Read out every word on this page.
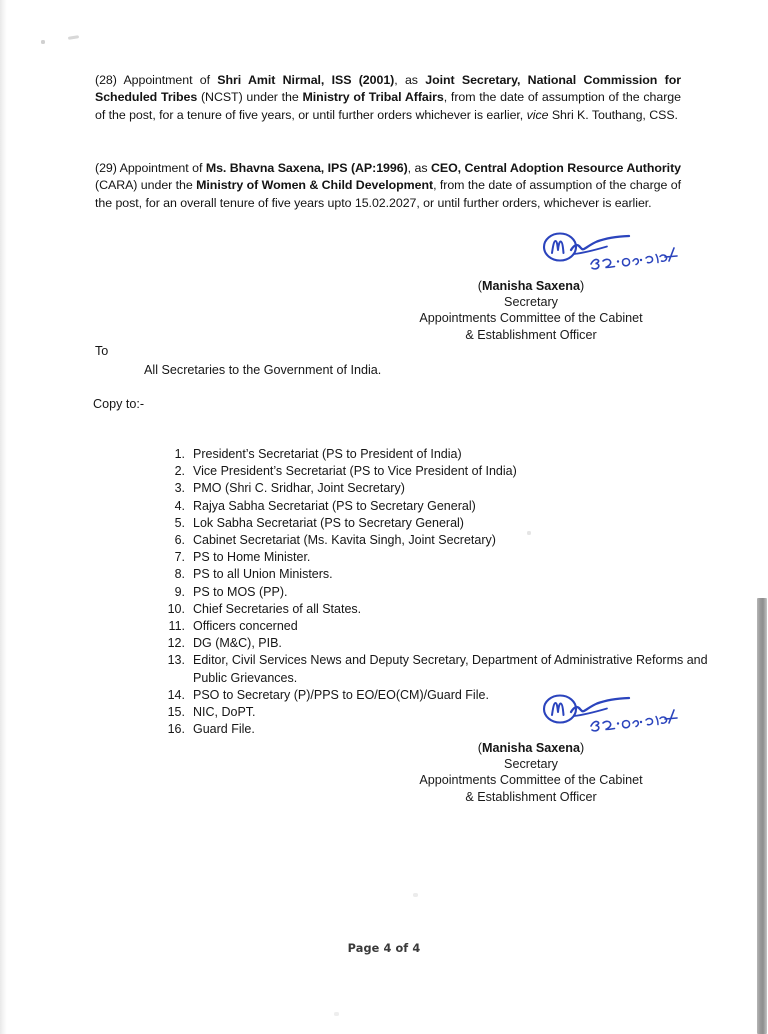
(28) Appointment of Shri Amit Nirmal, ISS (2001), as Joint Secretary, National Commission for Scheduled Tribes (NCST) under the Ministry of Tribal Affairs, from the date of assumption of the charge of the post, for a tenure of five years, or until further orders whichever is earlier, vice Shri K. Touthang, CSS.

(29) Appointment of Ms. Bhavna Saxena, IPS (AP:1996), as CEO, Central Adoption Resource Authority (CARA) under the Ministry of Women & Child Development, from the date of assumption of the charge of the post, for an overall tenure of five years upto 15.02.2027, or until further orders, whichever is earlier.

(Manisha Saxena)
Secretary
Appointments Committee of the Cabinet
& Establishment Officer
To
All Secretaries to the Government of India.
Copy to:-
1. President’s Secretariat (PS to President of India)
2. Vice President’s Secretariat (PS to Vice President of India)
3. PMO (Shri C. Sridhar, Joint Secretary)
4. Rajya Sabha Secretariat (PS to Secretary General)
5. Lok Sabha Secretariat (PS to Secretary General)
6. Cabinet Secretariat (Ms. Kavita Singh, Joint Secretary)
7. PS to Home Minister.
8. PS to all Union Ministers.
9. PS to MOS (PP).
10. Chief Secretaries of all States.
11. Officers concerned
12. DG (M&C), PIB.
13. Editor, Civil Services News and Deputy Secretary, Department of Administrative Reforms and Public Grievances.
14. PSO to Secretary (P)/PPS to EO/EO(CM)/Guard File.
15. NIC, DoPT.
16. Guard File.
(Manisha Saxena)
Secretary
Appointments Committee of the Cabinet
& Establishment Officer
Page 4 of 4
